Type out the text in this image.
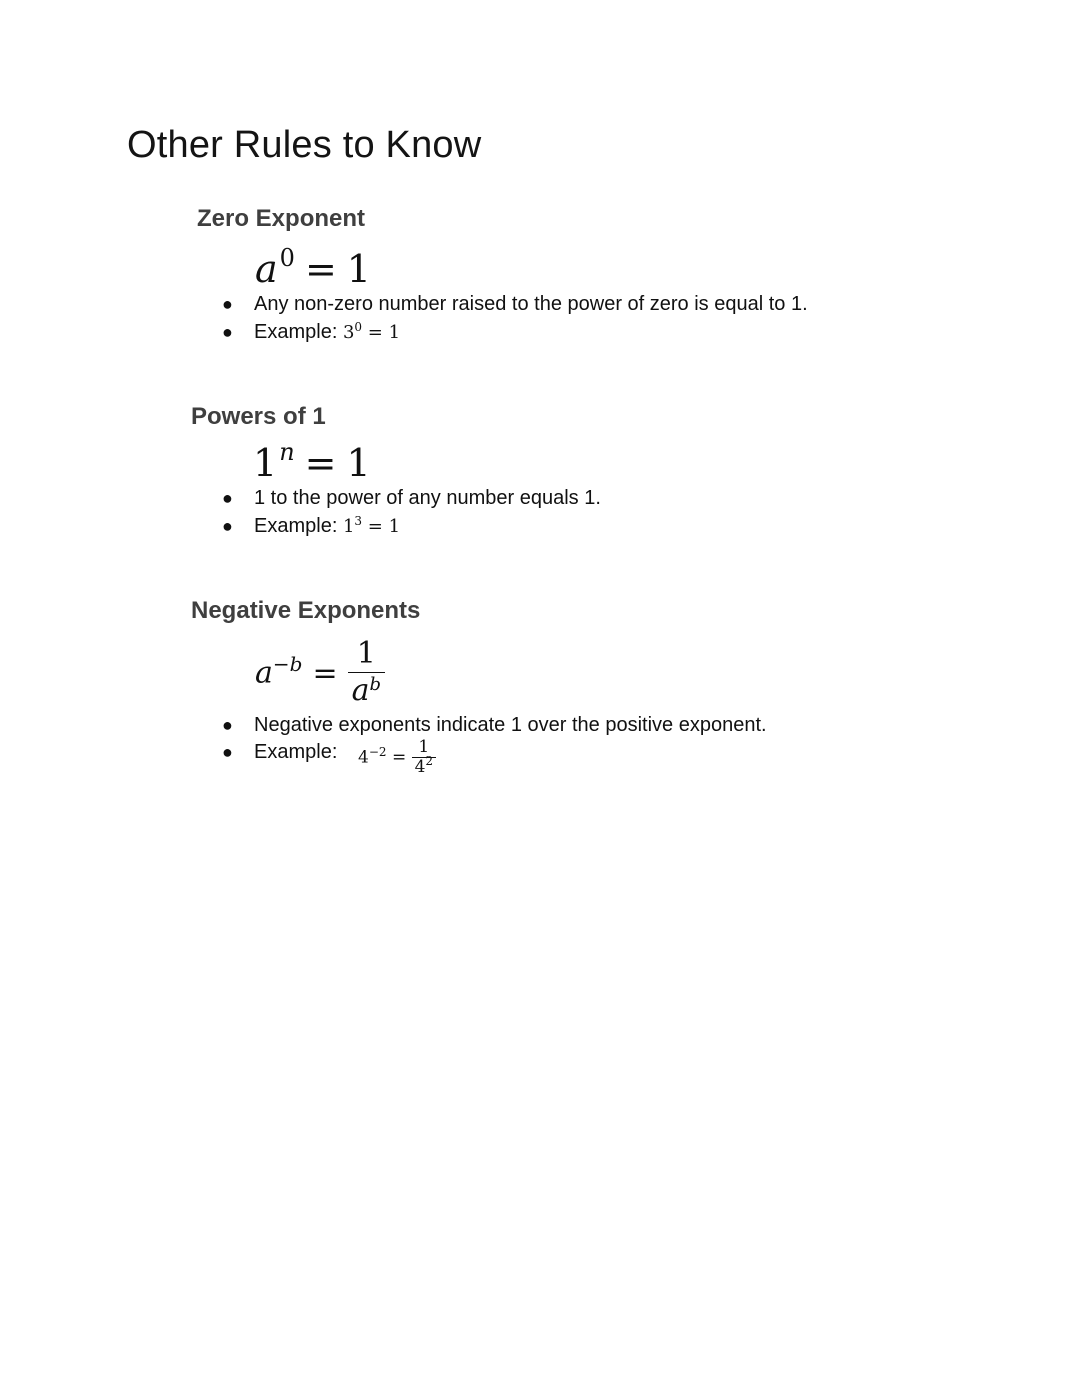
Other Rules to Know
Zero Exponent
$a^0 = 1$
● Any non-zero number raised to the power of zero is equal to 1.
● Example: $3^0 = 1$
Powers of 1
$1^n = 1$
● 1 to the power of any number equals 1.
● Example: $1^3 = 1$
Negative Exponents
$a^{-b} = \frac{1}{a^b}$
● Negative exponents indicate 1 over the positive exponent.
● Example: $4^{-2} = \frac{1}{4^2}$
